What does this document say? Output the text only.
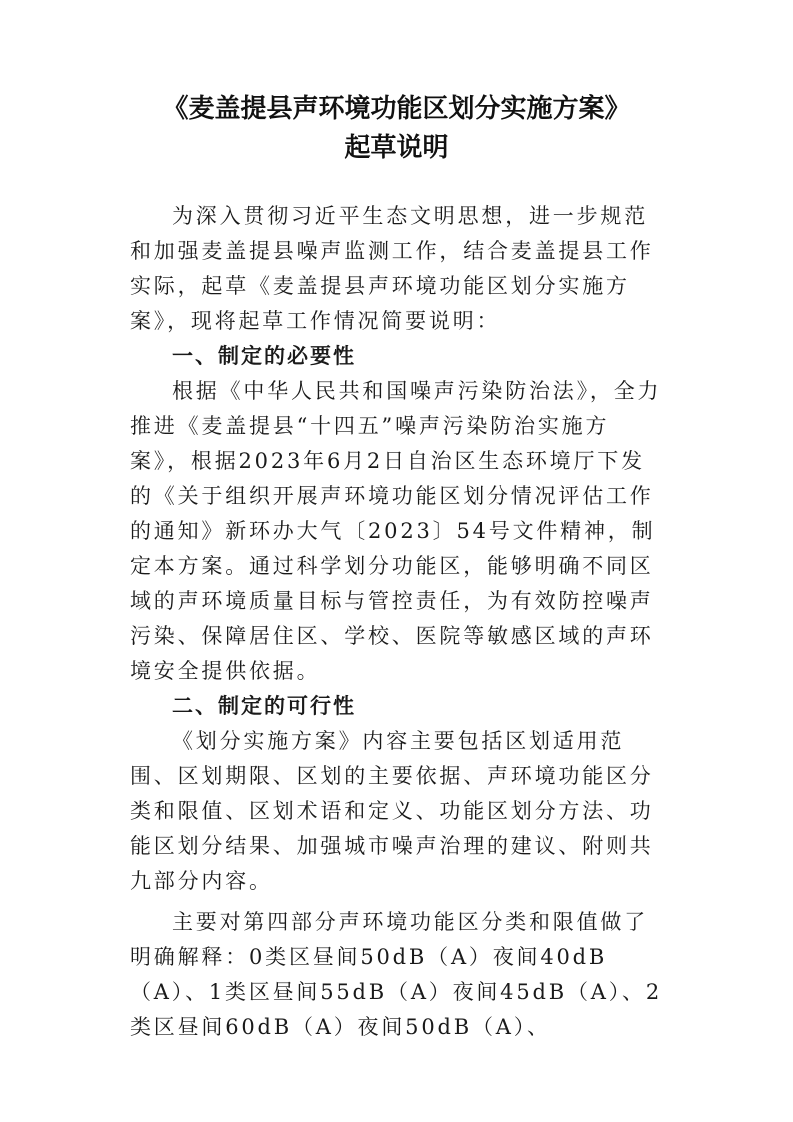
《麦盖提县声环境功能区划分实施方案》
起草说明

为深入贯彻习近平生态文明思想，进一步规范和加强麦盖提县噪声监测工作，结合麦盖提县工作实际，起草《麦盖提县声环境功能区划分实施方案》，现将起草工作情况简要说明：

一、制定的必要性

根据《中华人民共和国噪声污染防治法》，全力推进《麦盖提县“十四五”噪声污染防治实施方案》，根据2023年6月2日自治区生态环境厅下发的《关于组织开展声环境功能区划分情况评估工作的通知》新环办大气〔2023〕54号文件精神，制定本方案。通过科学划分功能区，能够明确不同区域的声环境质量目标与管控责任，为有效防控噪声污染、保障居住区、学校、医院等敏感区域的声环境安全提供依据。

二、制定的可行性

《划分实施方案》内容主要包括区划适用范围、区划期限、区划的主要依据、声环境功能区分类和限值、区划术语和定义、功能区划分方法、功能区划分结果、加强城市噪声治理的建议、附则共九部分内容。

主要对第四部分声环境功能区分类和限值做了明确解释：0类区昼间50dB（A）夜间40dB（A）、1类区昼间55dB（A）夜间45dB（A）、2类区昼间60dB（A）夜间50dB（A）、
